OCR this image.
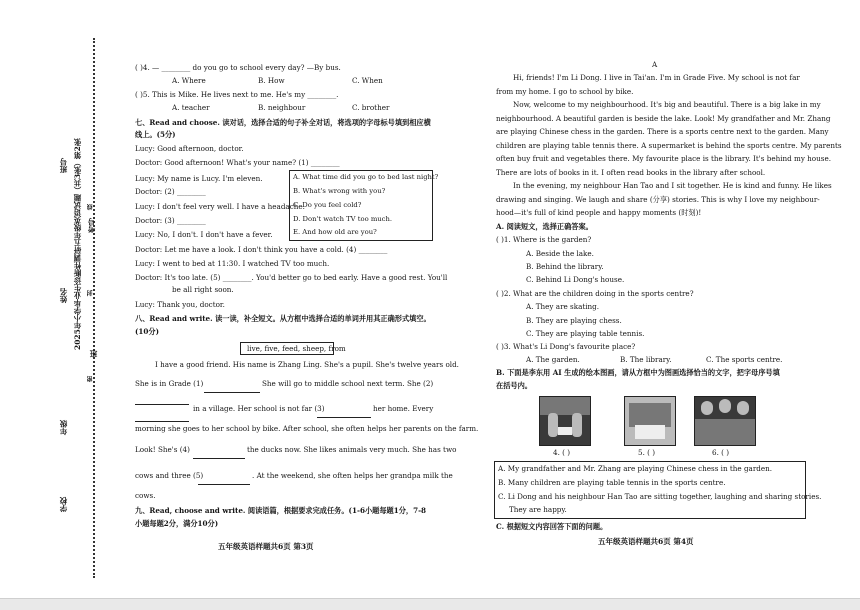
2025年小学毕业生诊断性调研五年级英语试题（共3张）第2张
班号
姓名
年级
学校
考号
班
线
封
密
( )4. — ________ do you go to school every day? —By bus.
A. Where	B. How	C. When
( )5. This is Mike. He lives next to me. He's my ________.
A. teacher	B. neighbour	C. brother
七、Read and choose. 读对话，选择合适的句子补全对话，将选项的字母标号填到相应横
线上。(5分)
Lucy: Good afternoon, doctor.
Doctor: Good afternoon! What's your name? (1) ________
Lucy: My name is Lucy. I'm eleven.
Doctor: (2) ________
Lucy: I don't feel very well. I have a headache.
Doctor: (3) ________
Lucy: No, I don't. I don't have a fever.
Doctor: Let me have a look. I don't think you have a cold. (4) ________
Lucy: I went to bed at 11:30. I watched TV too much.
Doctor: It's too late. (5) ________. You'd better go to bed early. Have a good rest. You'll
be all right soon.
Lucy: Thank you, doctor.
A. What time did you go to bed last night?
B. What's wrong with you?
C. Do you feel cold?
D. Don't watch TV too much.
E. And how old are you?
八、Read and write. 读一读，补全短文。从方框中选择合适的单词并用其正确形式填空。
(10分)
live, five, feed, sheep, from
I have a good friend. His name is Zhang Ling. She's a pupil. She's twelve years old.
She is in Grade (1)	She will go to middle school next term. She (2)
in a village. Her school is not far (3)	her home. Every
morning she goes to her school by bike. After school, she often helps her parents on the farm.
Look! She's (4)	the ducks now. She likes animals very much. She has two
cows and three (5)	. At the weekend, she often helps her grandpa milk the
cows.
九、Read, choose and write. 阅读语篇，根据要求完成任务。(1-6小题每题1分，7-8
小题每题2分，满分10分)
五年级英语样题共6页 第3页
A
Hi, friends! I'm Li Dong. I live in Tai'an. I'm in Grade Five. My school is not far
from my home. I go to school by bike.
Now, welcome to my neighbourhood. It's big and beautiful. There is a big lake in my
neighbourhood. A beautiful garden is beside the lake. Look! My grandfather and Mr. Zhang
are playing Chinese chess in the garden. There is a sports centre next to the garden. Many
children are playing table tennis there. A supermarket is behind the sports centre. My parents
often buy fruit and vegetables there. My favourite place is the library. It's behind my house.
There are lots of books in it. I often read books in the library after school.
In the evening, my neighbour Han Tao and I sit together. He is kind and funny. He likes
drawing and singing. We laugh and share (分享) stories. This is why I love my neighbour-
hood—it's full of kind people and happy moments (时刻)!
A. 阅读短文，选择正确答案。
( )1. Where is the garden?
A. Beside the lake.
B. Behind the library.
C. Behind Li Dong's house.
( )2. What are the children doing in the sports centre?
A. They are skating.
B. They are playing chess.
C. They are playing table tennis.
( )3. What's Li Dong's favourite place?
A. The garden.	B. The library.	C. The sports centre.
B. 下面是李东用 AI 生成的绘本图画，请从方框中为图画选择恰当的文字，把字母序号填
在括号内。
4. ( )	5. ( )	6. ( )
A. My grandfather and Mr. Zhang are playing Chinese chess in the garden.
B. Many children are playing table tennis in the sports centre.
C. Li Dong and his neighbour Han Tao are sitting together, laughing and sharing stories.
They are happy.
C. 根据短文内容回答下面的问题。
五年级英语样题共6页 第4页
